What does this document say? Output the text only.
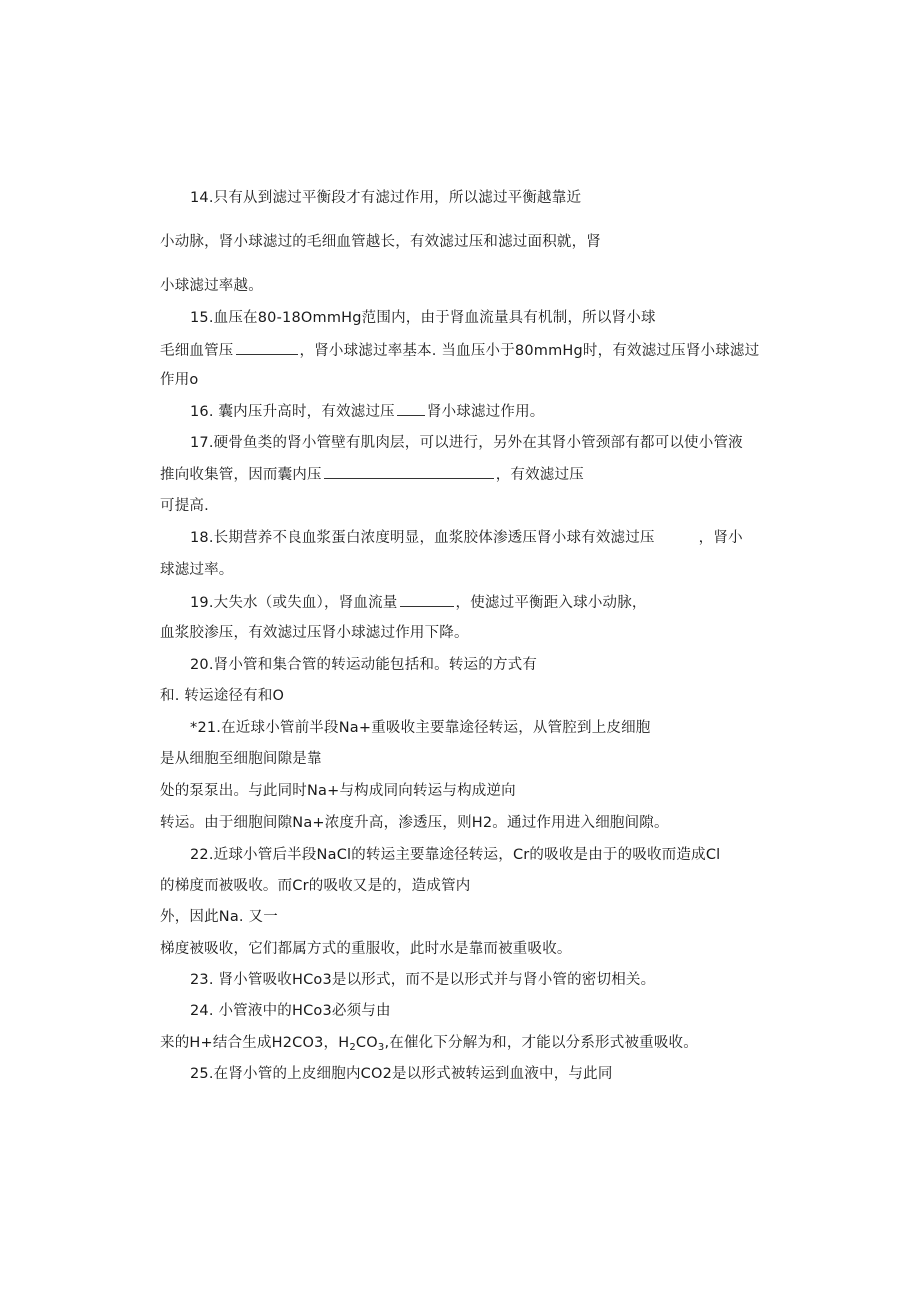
14.只有从到滤过平衡段才有滤过作用，所以滤过平衡越靠近
小动脉，肾小球滤过的毛细血管越长，有效滤过压和滤过面积就，肾
小球滤过率越。
15.血压在80-18OmmHg范围内，由于肾血流量具有机制，所以肾小球
毛细血管压	，肾小球滤过率基本. 当血压小于80mmHg时，有效滤过压肾小球滤过
作用o
16. 囊内压升高时，有效滤过压 肾小球滤过作用。
17.硬骨鱼类的肾小管壁有肌肉层，可以进行，另外在其肾小管颈部有都可以使小管液
推向收集管，因而囊内压	，有效滤过压
可提高.
18.长期营养不良血浆蛋白浓度明显，血浆胶体渗透压肾小球有效滤过压	，肾小
球滤过率。
19.大失水（或失血），肾血流量	，使滤过平衡距入球小动脉，
血浆胶渗压，有效滤过压肾小球滤过作用下降。
20.肾小管和集合管的转运动能包括和。转运的方式有
和. 转运途径有和O
*21.在近球小管前半段Na+重吸收主要靠途径转运，从管腔到上皮细胞
是从细胞至细胞间隙是靠
处的泵泵出。与此同时Na+与构成同向转运与构成逆向
转运。由于细胞间隙Na+浓度升高，渗透压，则H2。通过作用进入细胞间隙。
22.近球小管后半段NaCl的转运主要靠途径转运，Cr的吸收是由于的吸收而造成Cl
的梯度而被吸收。而Cr的吸收又是的，造成管内
外，因此Na. 又一
梯度被吸收，它们都属方式的重服收，此时水是靠而被重吸收。
23. 肾小管吸收HCo3是以形式，而不是以形式并与肾小管的密切相关。
24. 小管液中的HCo3必须与由
来的H+结合生成H2CO3，$H_2CO_3$,在催化下分解为和，才能以分系形式被重吸收。
25.在肾小管的上皮细胞内CO2是以形式被转运到血液中，与此同
